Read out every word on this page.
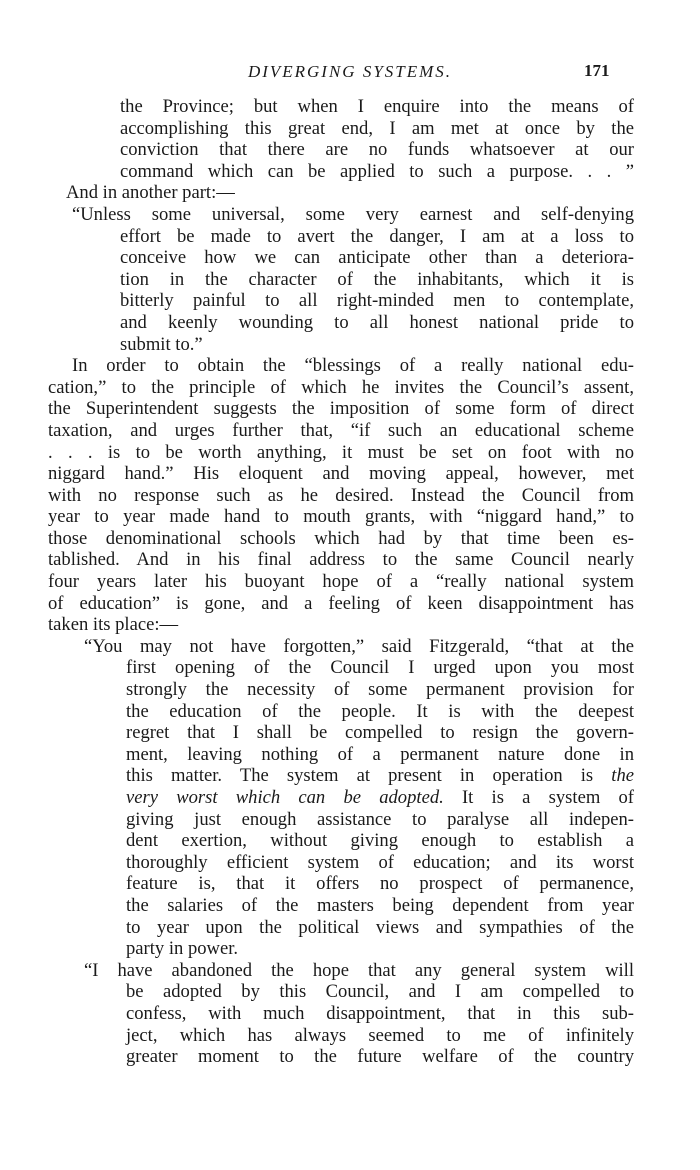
DIVERGING SYSTEMS.	171
the Province; but when I enquire into the means of
accomplishing this great end, I am met at once by the
conviction that there are no funds whatsoever at our
command which can be applied to such a purpose. . . ”
And in another part:—
“Unless some universal, some very earnest and self-denying
effort be made to avert the danger, I am at a loss to
conceive how we can anticipate other than a deteriora-
tion in the character of the inhabitants, which it is
bitterly painful to all right-minded men to contemplate,
and keenly wounding to all honest national pride to
submit to.”
In order to obtain the “blessings of a really national edu-
cation,” to the principle of which he invites the Council’s assent,
the Superintendent suggests the imposition of some form of direct
taxation, and urges further that, “if such an educational scheme
. . . is to be worth anything, it must be set on foot with no
niggard hand.” His eloquent and moving appeal, however, met
with no response such as he desired. Instead the Council from
year to year made hand to mouth grants, with “niggard hand,” to
those denominational schools which had by that time been es-
tablished. And in his final address to the same Council nearly
four years later his buoyant hope of a “really national system
of education” is gone, and a feeling of keen disappointment has
taken its place:—
“You may not have forgotten,” said Fitzgerald, “that at the
first opening of the Council I urged upon you most
strongly the necessity of some permanent provision for
the education of the people. It is with the deepest
regret that I shall be compelled to resign the govern-
ment, leaving nothing of a permanent nature done in
this matter. The system at present in operation is the
very worst which can be adopted. It is a system of
giving just enough assistance to paralyse all indepen-
dent exertion, without giving enough to establish a
thoroughly efficient system of education; and its worst
feature is, that it offers no prospect of permanence,
the salaries of the masters being dependent from year
to year upon the political views and sympathies of the
party in power.
“I have abandoned the hope that any general system will
be adopted by this Council, and I am compelled to
confess, with much disappointment, that in this sub-
ject, which has always seemed to me of infinitely
greater moment to the future welfare of the country
